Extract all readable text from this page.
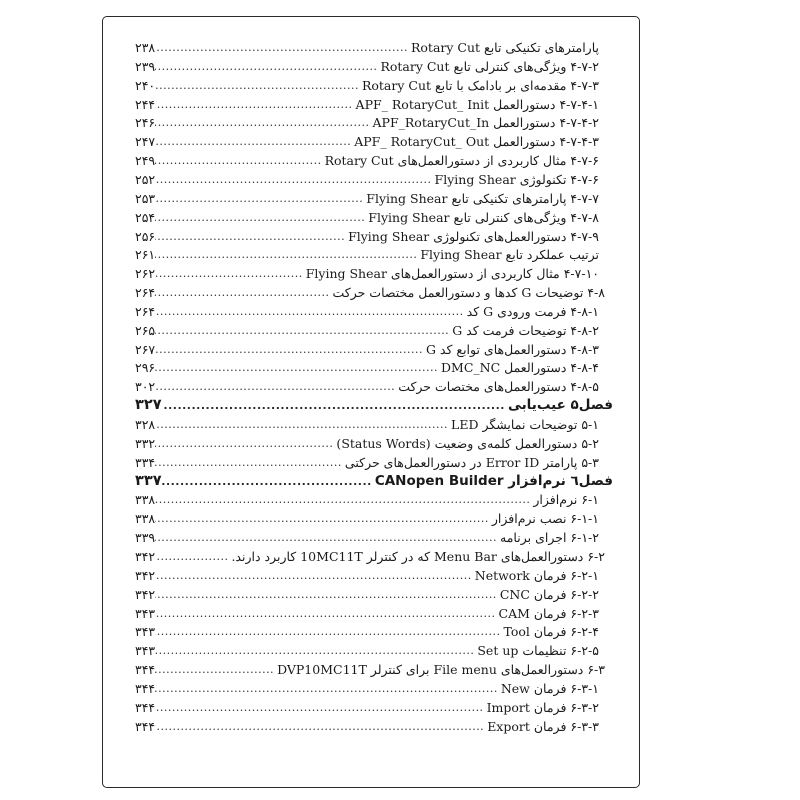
پارامترهای تکنیکی تابع Rotary Cut
.....
۲۳۸
۴-۷-۲ ویژگی‌های کنترلی تابع Rotary Cut
.....
۲۳۹
۴-۷-۳ مقدمه‌ای بر بادامک با تابع Rotary Cut
.....
۲۴۰
۴-۷-۴-۱ دستورالعمل APF_ RotaryCut_ Init
.....
۲۴۴
۴-۷-۴-۲ دستورالعمل APF_RotaryCut_In
.....
۲۴۶
۴-۷-۴-۳ دستورالعمل APF_ RotaryCut_ Out
.....
۲۴۷
۴-۷-۶ مثال کاربردی از دستورالعمل‌های Rotary Cut
.....
۲۴۹
۴-۷-۶ تکنولوژی Flying Shear
.....
۲۵۲
۴-۷-۷ پارامترهای تکنیکی تابع Flying Shear
.....
۲۵۳
۴-۷-۸ ویژگی‌های کنترلی تابع Flying Shear
.....
۲۵۴
۴-۷-۹ دستورالعمل‌های تکنولوژی Flying Shear
.....
۲۵۶
ترتیب عملکرد تابع Flying Shear
.....
۲۶۱
۴-۷-۱۰ مثال کاربردی از دستورالعمل‌های Flying Shear
.....
۲۶۲
۴-۸ توضیحات G کدها و دستورالعمل مختصات حرکت
.....
۲۶۴
۴-۸-۱ فرمت ورودی G کد
.....
۲۶۴
۴-۸-۲ توضیحات فرمت کد G
.....
۲۶۵
۴-۸-۳ دستورالعمل‌های توابع کد G
.....
۲۶۷
۴-۸-۴ دستورالعمل DMC_NC
.....
۲۹۶
۴-۸-۵ دستورالعمل‌های مختصات حرکت
.....
۳۰۲
فصل۵ عیب‌یابی
.....
۳۲۷
۵-۱ توضیحات نمایشگر LED
.....
۳۲۸
۵-۲ دستورالعمل کلمه‌ی وضعیت (Status Words)
.....
۳۳۲
۵-۳ پارامتر Error ID در دستورالعمل‌های حرکتی
.....
۳۳۴
فصل٦ نرم‌افزار CANopen Builder
.....
۳۳۷
۶-۱ نرم‌افزار
.....
۳۳۸
۶-۱-۱ نصب نرم‌افزار
.....
۳۳۸
۶-۱-۲ اجرای برنامه
.....
۳۳۹
۶-۲ دستورالعمل‌های Menu Bar که در کنترلر 10MC11T کاربرد دارند.
.....
۳۴۲
۶-۲-۱ فرمان Network
.....
۳۴۲
۶-۲-۲ فرمان CNC
.....
۳۴۲
۶-۲-۳ فرمان CAM
.....
۳۴۳
۶-۲-۴ فرمان Tool
.....
۳۴۳
۶-۲-۵ تنظیمات Set up
.....
۳۴۳
۶-۳ دستورالعمل‌های File menu برای کنترلر DVP10MC11T
.....
۳۴۴
۶-۳-۱ فرمان New
.....
۳۴۴
۶-۳-۲ فرمان Import
.....
۳۴۴
۶-۳-۳ فرمان Export
.....
۳۴۴
